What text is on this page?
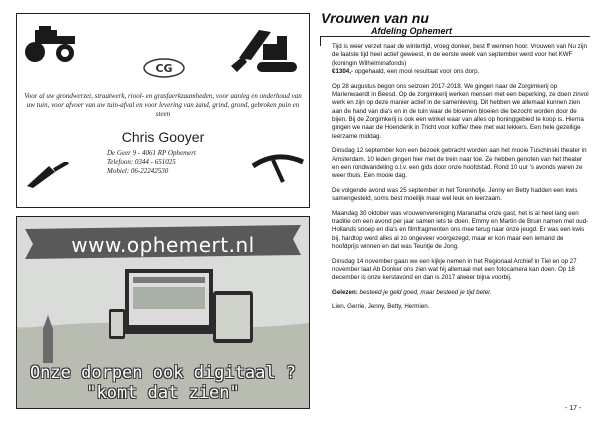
CG
Voor al uw grondwerzet, straatwerk, riool- en grasfaerkzaamheden, voor aanleg en onderhoud van uw tuin, voor afvoer van uw tuin-afval en voor levering van zand, grind, grond, gebroken puin en steen
Chris Gooyer
De Geer 9 - 4061 RP Ophemert
Telefoon: 0344 - 651025
Mobiel: 06-22242530
www.ophemert.nl
Onze dorpen ook digitaal ?
"komt dat zien"
Vrouwen van nu
Afdeling Ophemert

Tijd is weer verzet naar de wintertijd, vroeg donker, best ff wennen hoor. Vrouwen van Nu zijn de laatste tijd heel actief geweest, in de eerste week van september werd voor het KWF (koningin Wilhelminafonds)
€1304,- opgehaald, een mooi resultaat voor ons dorp.

Op 28 augustus begon ons seizoen 2017-2018. We gingen naar de Zorgimkerij op Marienwaerdt in Beesd. Op de zorgimkerij werken mensen met een beperking, ze doen zinvol werk en zijn op deze manier actief in de samenleving. Dit hebben we allemaal kunnen zien aan de hand van dia's en in de tuin waar de bloemen bloeien die bezocht worden door de bijen. Bij de Zorgimkerij is ook een winkel waar van alles op honinggebied te koop is. Hierna gingen we naar de Hoenderik in Tricht voor koffie/ thee met wat lekkers. Een hele gezellige leerzame middag.

Dinsdag 12 september kon een bezoek gebracht worden aan het mooie Tuschinski theater in Amsterdam. 10 leden gingen hier met de trein naar toe. Ze hebben genoten van het theater en een rondwandeling o.l.v. een gids door onze hoofdstad. Rond 10 uur 's avonds waren ze weer thuis. Een mooie dag.

De volgende avond was 25 september in het Torenhofje. Jenny en Betty hadden een kwis samengesteld, soms best moeilijk maar wel leuk en leerzaam.

Maandag 30 oktober was vrouwenvereniging Maranatha onze gast, het is al heel lang een traditie om een avond per jaar samen iets te doen. Emmy en Martin de Bruin namen met oud-Hollands snoep en dia's en filmfragmenten ons mee terug naar onze jeugd. Er was een kwis bij, hardtop werd alles al zo ongeveer voorgezegd, maar er kon maar een iemand de hoofdprijs winnen en dat was Teuntje de Jong.

Dinsdag 14 november gaan we een kijkje nemen in het Regionaal Archief in Tiel en op 27 november laat Ab Donker ons zien wat hij allemaal met een fotocamera kan doen. Op 18 december is onze kerstavond en dan is 2017 alweer bijna voorbij.

Gelezen: besteed je geld goed, maar besteed je tijd beter.

Lien, Gerrie, Jenny, Betty, Hermien.

- 17 -
